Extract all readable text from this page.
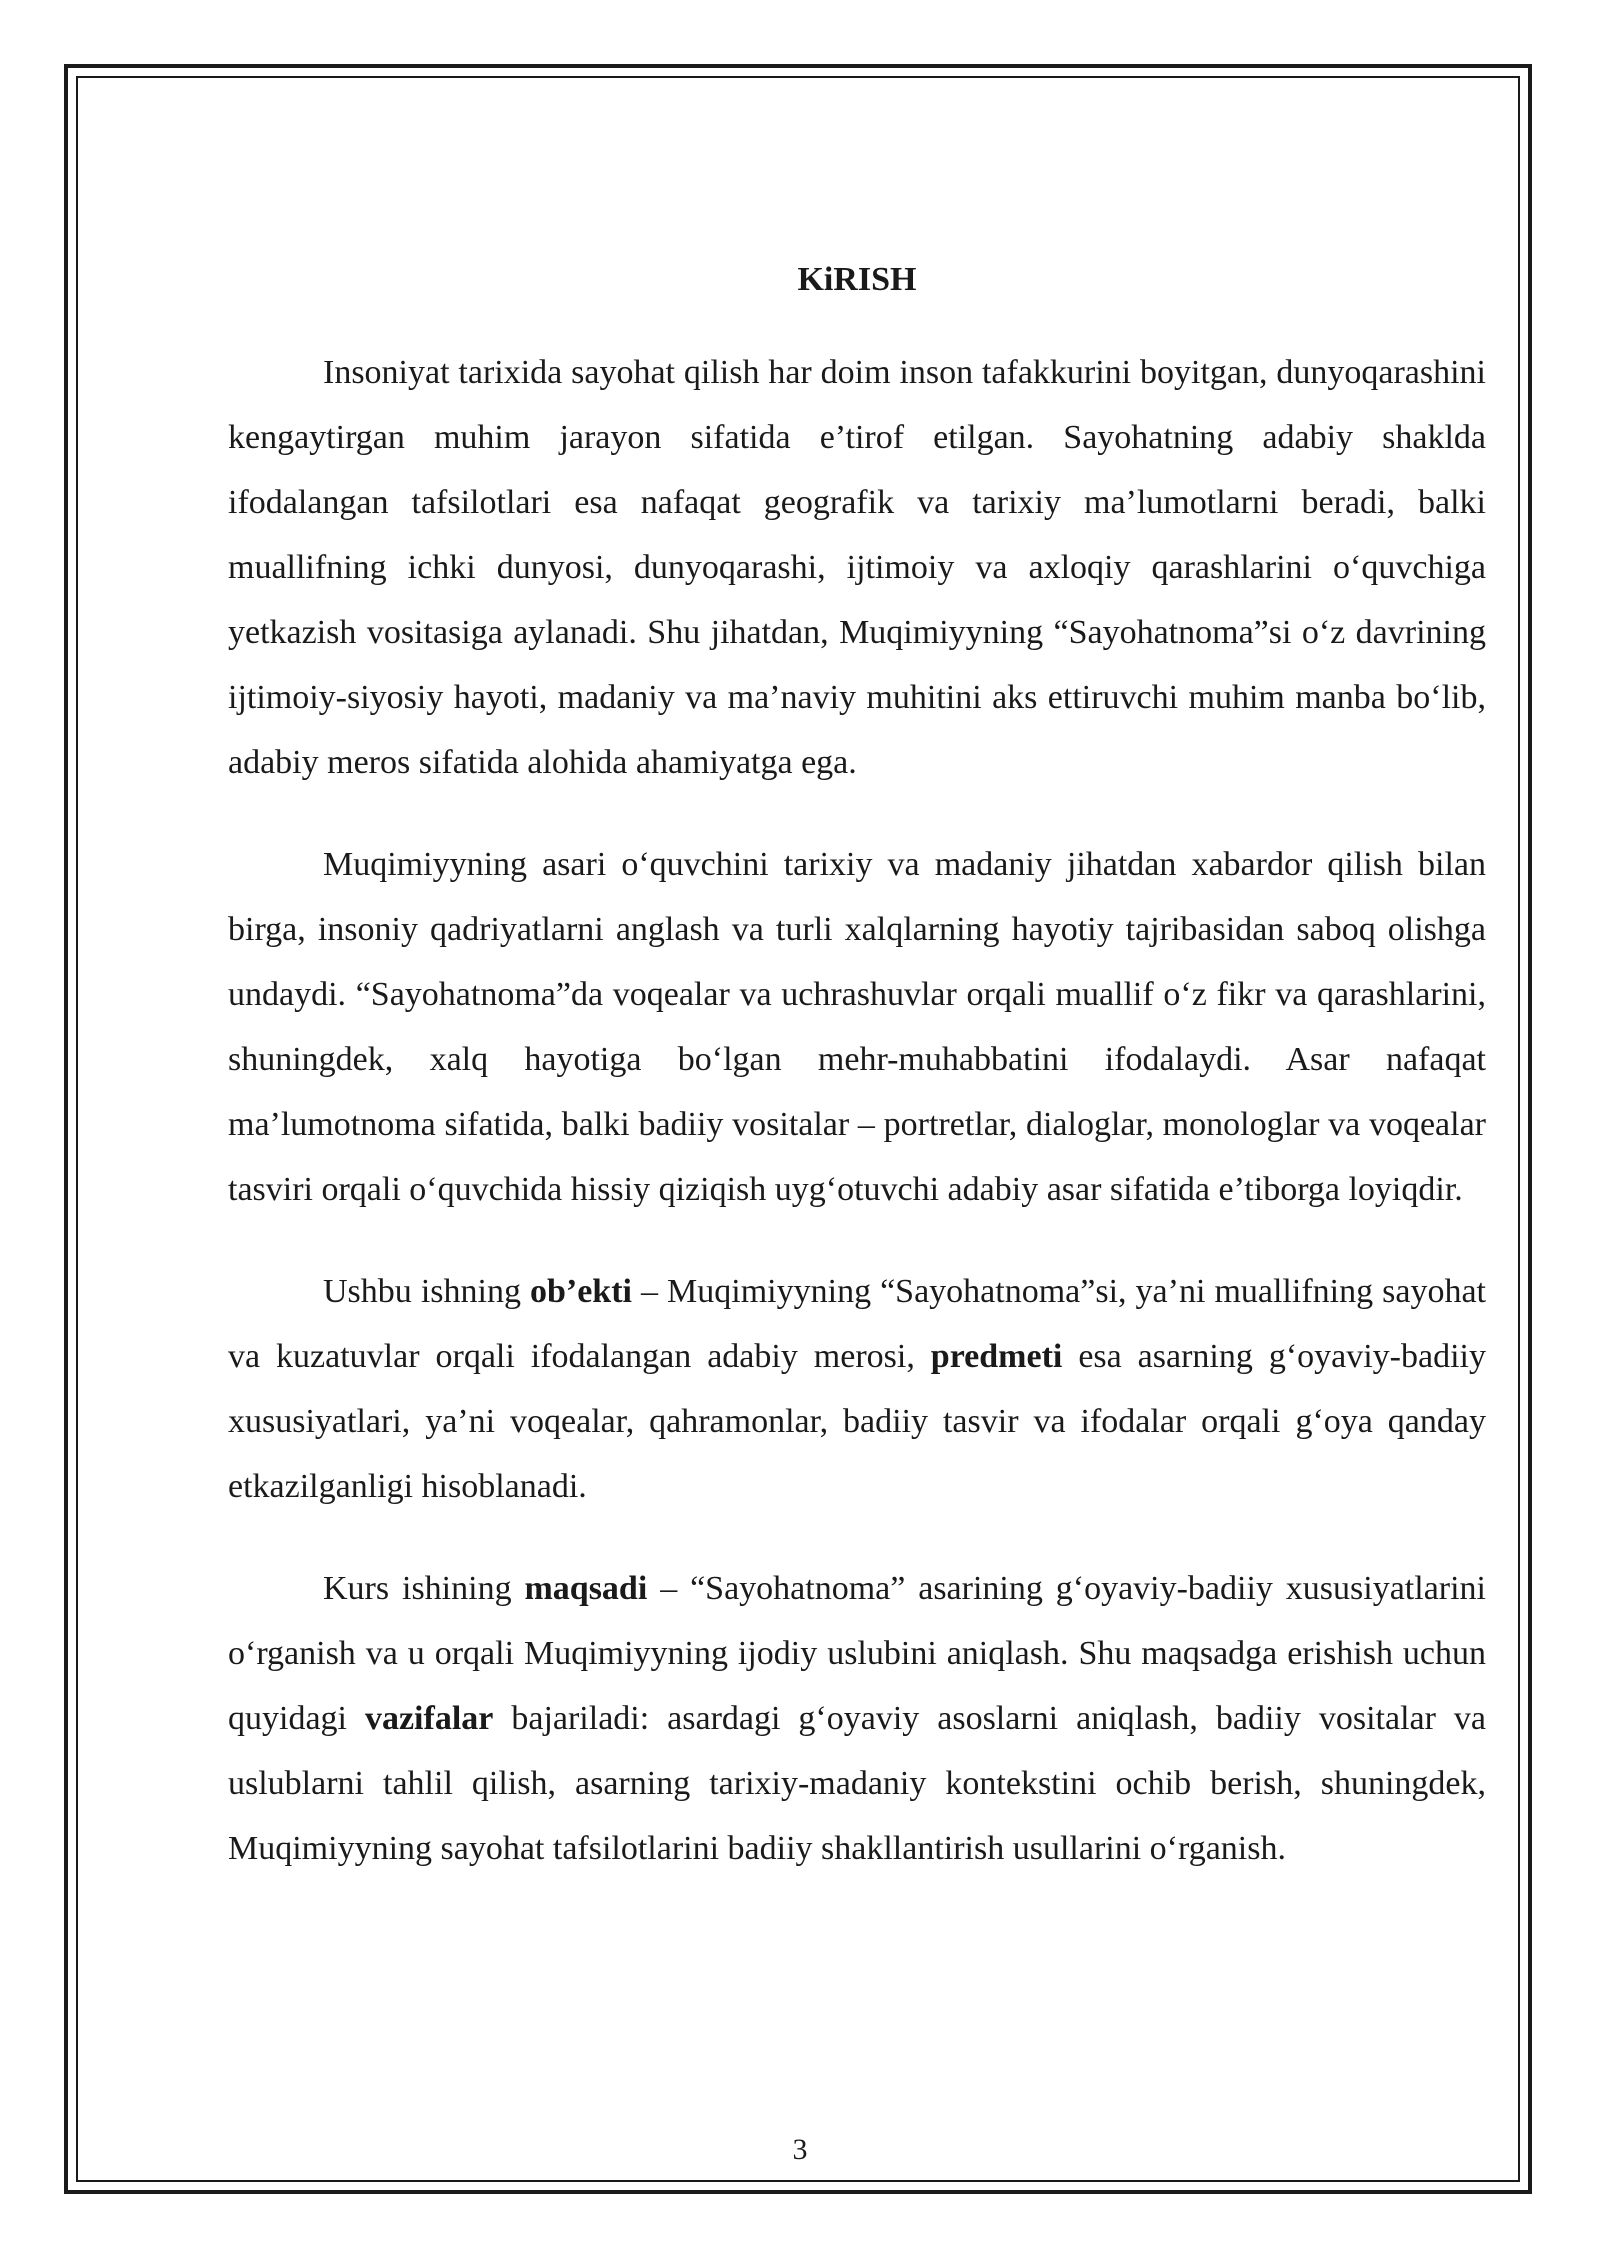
KiRISH

Insoniyat tarixida sayohat qilish har doim inson tafakkurini boyitgan, dunyoqarashini kengaytirgan muhim jarayon sifatida e’tirof etilgan. Sayohatning adabiy shaklda ifodalangan tafsilotlari esa nafaqat geografik va tarixiy ma’lumotlarni beradi, balki muallifning ichki dunyosi, dunyoqarashi, ijtimoiy va axloqiy qarashlarini o‘quvchiga yetkazish vositasiga aylanadi. Shu jihatdan, Muqimiyyning “Sayohatnoma”si o‘z davrining ijtimoiy-siyosiy hayoti, madaniy va ma’naviy muhitini aks ettiruvchi muhim manba bo‘lib, adabiy meros sifatida alohida ahamiyatga ega.

Muqimiyyning asari o‘quvchini tarixiy va madaniy jihatdan xabardor qilish bilan birga, insoniy qadriyatlarni anglash va turli xalqlarning hayotiy tajribasidan saboq olishga undaydi. “Sayohatnoma”da voqealar va uchrashuvlar orqali muallif o‘z fikr va qarashlarini, shuningdek, xalq hayotiga bo‘lgan mehr-muhabbatini ifodalaydi. Asar nafaqat ma’lumotnoma sifatida, balki badiiy vositalar – portretlar, dialoglar, monologlar va voqealar tasviri orqali o‘quvchida hissiy qiziqish uyg‘otuvchi adabiy asar sifatida e’tiborga loyiqdir.

Ushbu ishning ob’ekti – Muqimiyyning “Sayohatnoma”si, ya’ni muallifning sayohat va kuzatuvlar orqali ifodalangan adabiy merosi, predmeti esa asarning g‘oyaviy-badiiy xususiyatlari, ya’ni voqealar, qahramonlar, badiiy tasvir va ifodalar orqali g‘oya qanday etkazilganligi hisoblanadi.

Kurs ishining maqsadi – “Sayohatnoma” asarining g‘oyaviy-badiiy xususiyatlarini o‘rganish va u orqali Muqimiyyning ijodiy uslubini aniqlash. Shu maqsadga erishish uchun quyidagi vazifalar bajariladi: asardagi g‘oyaviy asoslarni aniqlash, badiiy vositalar va uslublarni tahlil qilish, asarning tarixiy-madaniy kontekstini ochib berish, shuningdek, Muqimiyyning sayohat tafsilotlarini badiiy shakllantirish usullarini o‘rganish.

3
